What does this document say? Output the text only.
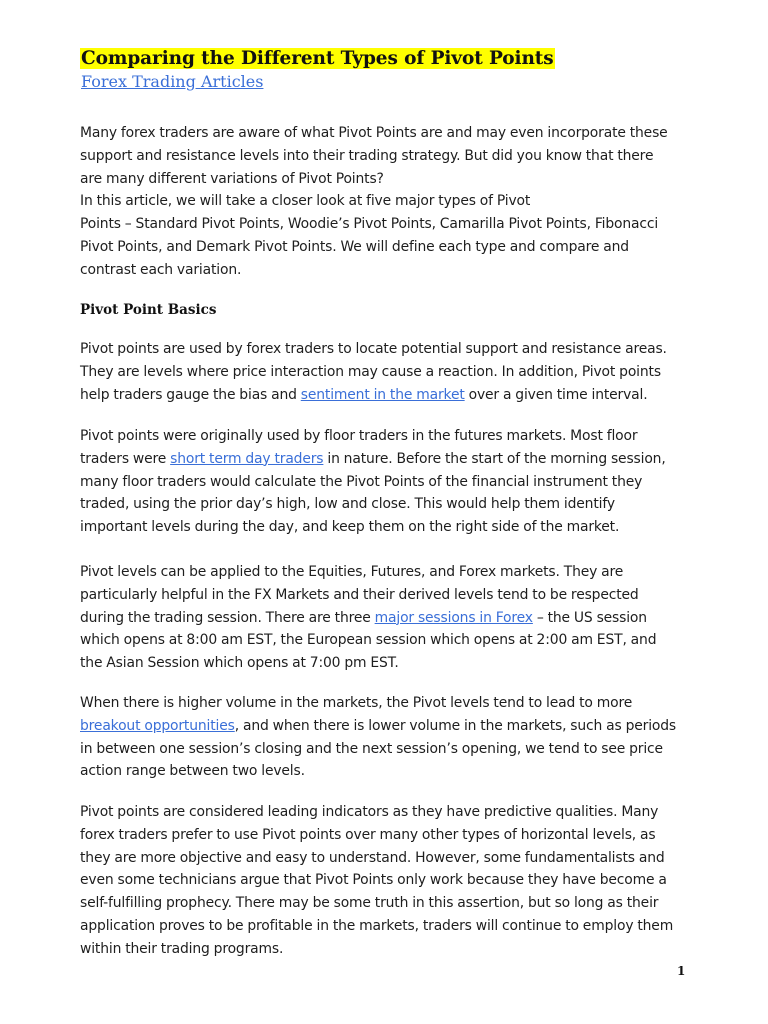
Comparing the Different Types of Pivot Points
Forex Trading Articles

Many forex traders are aware of what Pivot Points are and may even incorporate these
support and resistance levels into their trading strategy. But did you know that there
are many different variations of Pivot Points?
In this article, we will take a closer look at five major types of Pivot
Points – Standard Pivot Points, Woodie’s Pivot Points, Camarilla Pivot Points, Fibonacci
Pivot Points, and Demark Pivot Points. We will define each type and compare and
contrast each variation.

Pivot Point Basics

Pivot points are used by forex traders to locate potential support and resistance areas.
They are levels where price interaction may cause a reaction. In addition, Pivot points
help traders gauge the bias and sentiment in the market over a given time interval.

Pivot points were originally used by floor traders in the futures markets. Most floor
traders were short term day traders in nature. Before the start of the morning session,
many floor traders would calculate the Pivot Points of the financial instrument they
traded, using the prior day’s high, low and close. This would help them identify
important levels during the day, and keep them on the right side of the market.

Pivot levels can be applied to the Equities, Futures, and Forex markets. They are
particularly helpful in the FX Markets and their derived levels tend to be respected
during the trading session. There are three major sessions in Forex – the US session
which opens at 8:00 am EST, the European session which opens at 2:00 am EST, and
the Asian Session which opens at 7:00 pm EST.

When there is higher volume in the markets, the Pivot levels tend to lead to more
breakout opportunities, and when there is lower volume in the markets, such as periods
in between one session’s closing and the next session’s opening, we tend to see price
action range between two levels.

Pivot points are considered leading indicators as they have predictive qualities. Many
forex traders prefer to use Pivot points over many other types of horizontal levels, as
they are more objective and easy to understand. However, some fundamentalists and
even some technicians argue that Pivot Points only work because they have become a
self-fulfilling prophecy. There may be some truth in this assertion, but so long as their
application proves to be profitable in the markets, traders will continue to employ them
within their trading programs.

1
